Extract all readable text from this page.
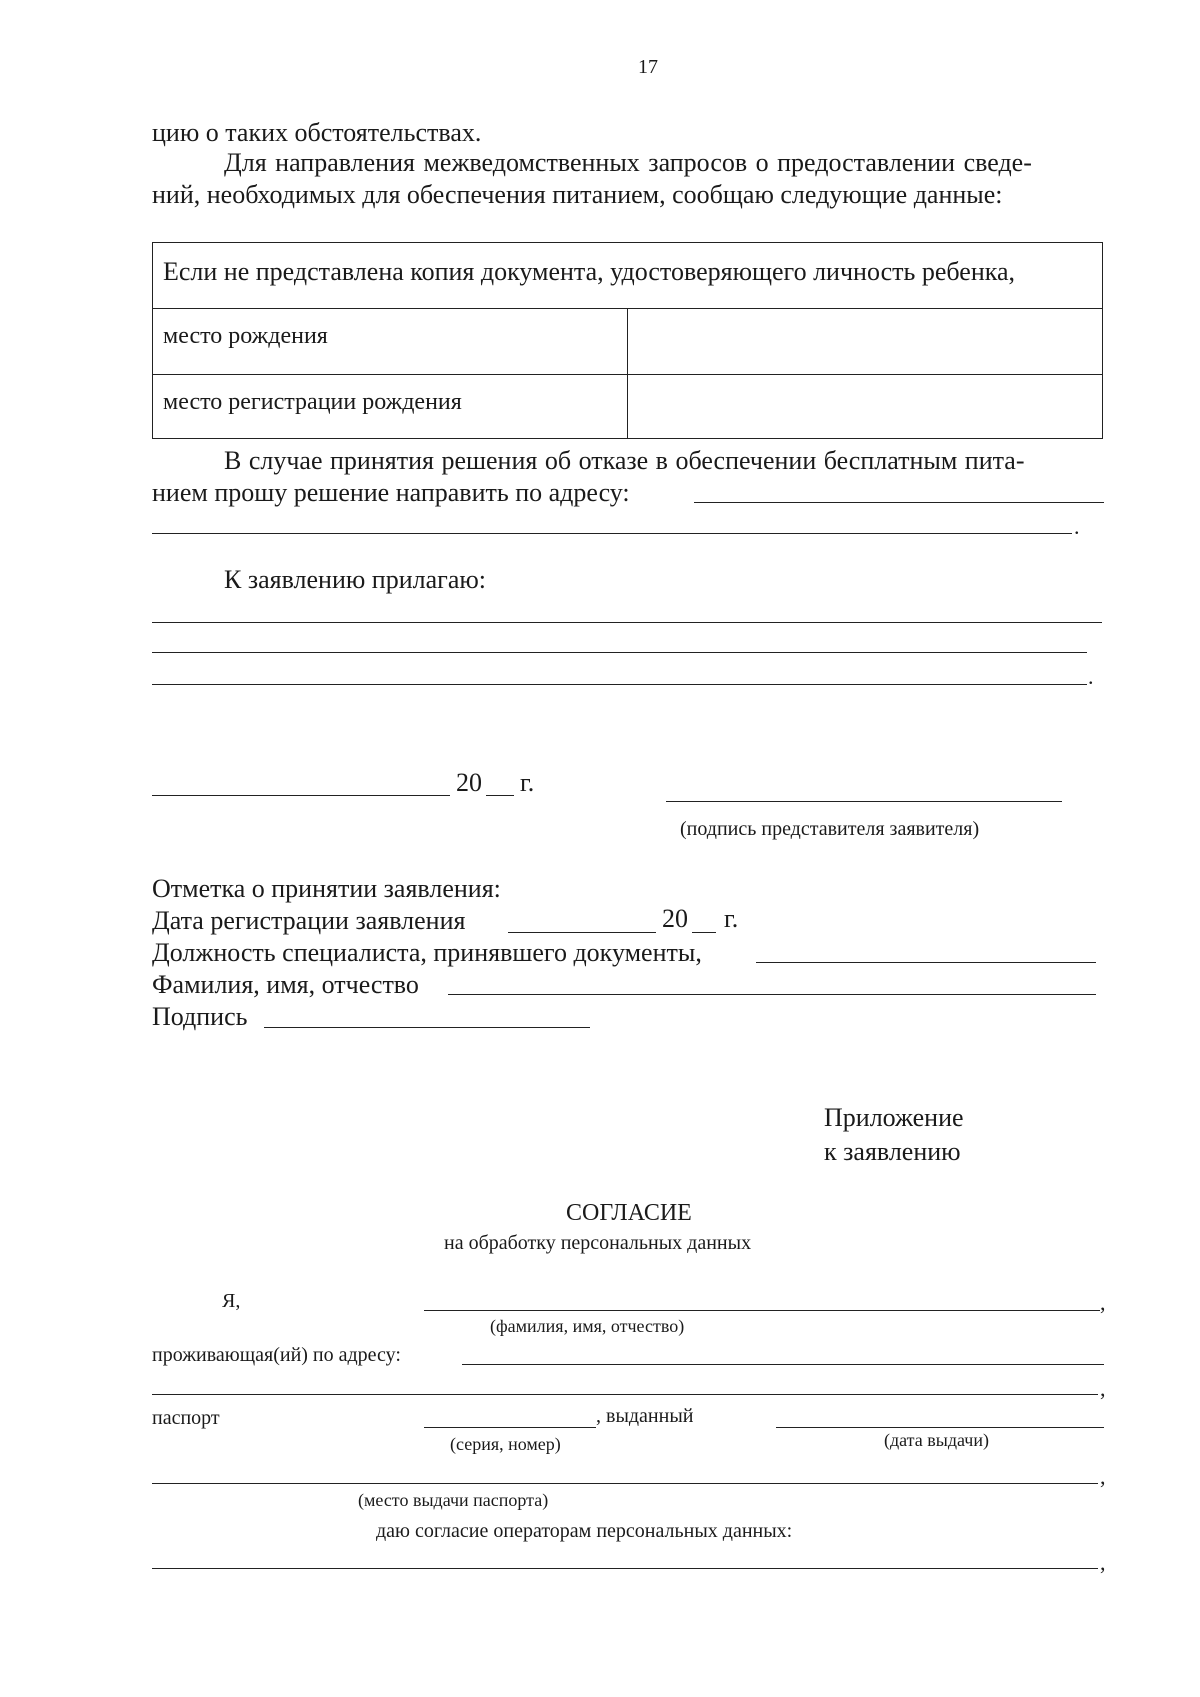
17
цию о таких обстоятельствах.
Для направления межведомственных запросов о предоставлении сведе-
ний, необходимых для обеспечения питанием, сообщаю следующие данные:
Если не представлена копия документа, удостоверяющего личность ребенка,
место рождения
место регистрации рождения
В случае принятия решения об отказе в обеспечении бесплатным пита-
нием прошу решение направить по адресу:
.
К заявлению прилагаю:
.
20 г.
(подпись представителя заявителя)
Отметка о принятии заявления:
Дата регистрации заявления	20 г.
Должность специалиста, принявшего документы,
Фамилия, имя, отчество
Подпись
Приложение
к заявлению
СОГЛАСИЕ
на обработку персональных данных
Я,	,
(фамилия, имя, отчество)
проживающая(ий) по адресу:
,
паспорт	, выданный
(серия, номер)	(дата выдачи)
,
(место выдачи паспорта)
даю согласие операторам персональных данных:
,
